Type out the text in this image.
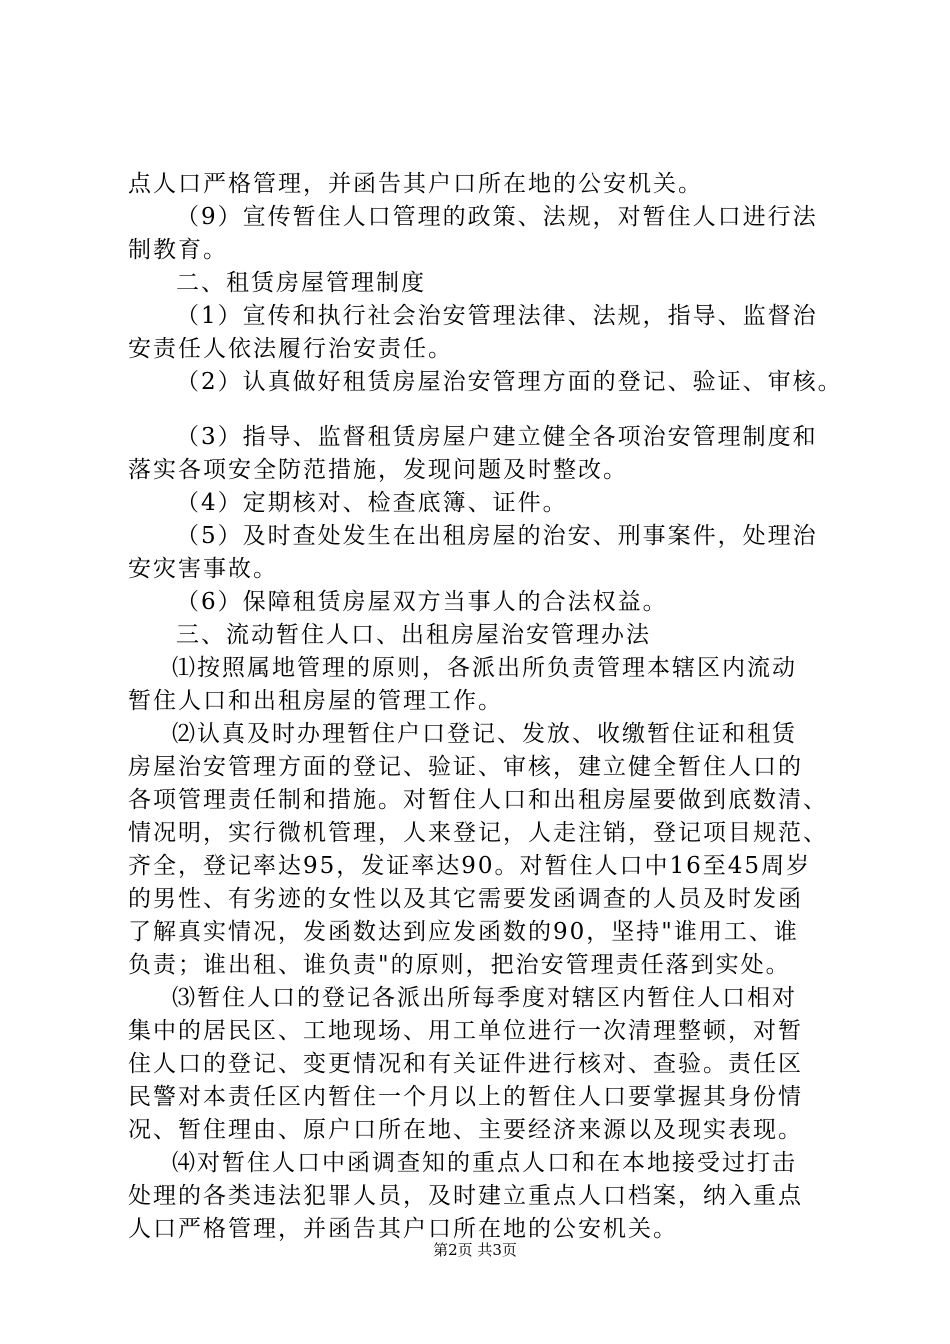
点人口严格管理，并函告其户口所在地的公安机关。
（9）宣传暂住人口管理的政策、法规，对暂住人口进行法
制教育。
二、租赁房屋管理制度
（1）宣传和执行社会治安管理法律、法规，指导、监督治
安责任人依法履行治安责任。
（2）认真做好租赁房屋治安管理方面的登记、验证、审核。
（3）指导、监督租赁房屋户建立健全各项治安管理制度和
落实各项安全防范措施，发现问题及时整改。
（4）定期核对、检查底簿、证件。
（5）及时查处发生在出租房屋的治安、刑事案件，处理治
安灾害事故。
（6）保障租赁房屋双方当事人的合法权益。
三、流动暂住人口、出租房屋治安管理办法
⑴按照属地管理的原则，各派出所负责管理本辖区内流动
暂住人口和出租房屋的管理工作。
⑵认真及时办理暂住户口登记、发放、收缴暂住证和租赁
房屋治安管理方面的登记、验证、审核，建立健全暂住人口的
各项管理责任制和措施。对暂住人口和出租房屋要做到底数清、
情况明，实行微机管理，人来登记，人走注销，登记项目规范、
齐全，登记率达95，发证率达90。对暂住人口中16至45周岁
的男性、有劣迹的女性以及其它需要发函调查的人员及时发函
了解真实情况，发函数达到应发函数的90，坚持"谁用工、谁
负责；谁出租、谁负责"的原则，把治安管理责任落到实处。
⑶暂住人口的登记各派出所每季度对辖区内暂住人口相对
集中的居民区、工地现场、用工单位进行一次清理整顿，对暂
住人口的登记、变更情况和有关证件进行核对、查验。责任区
民警对本责任区内暂住一个月以上的暂住人口要掌握其身份情
况、暂住理由、原户口所在地、主要经济来源以及现实表现。
⑷对暂住人口中函调查知的重点人口和在本地接受过打击
处理的各类违法犯罪人员，及时建立重点人口档案，纳入重点
人口严格管理，并函告其户口所在地的公安机关。
第2页 共3页
